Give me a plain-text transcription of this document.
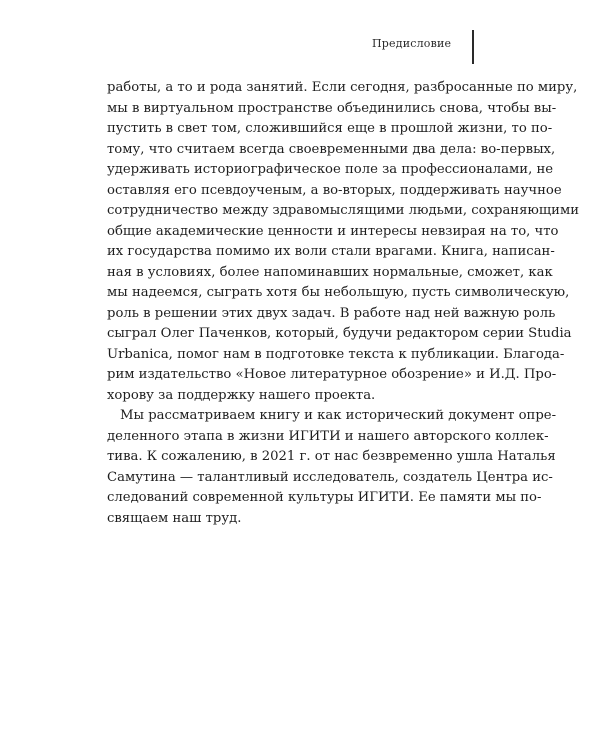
Предисловие
работы, а то и рода занятий. Если сегодня, разбросанные по миру,
мы в виртуальном пространстве объединились снова, чтобы вы-
пустить в свет том, сложившийся еще в прошлой жизни, то по-
тому, что считаем всегда своевременными два дела: во-первых,
удерживать историографическое поле за профессионалами, не
оставляя его псевдоученым, а во-вторых, поддерживать научное
сотрудничество между здравомыслящими людьми, сохраняющими
общие академические ценности и интересы невзирая на то, что
их государства помимо их воли стали врагами. Книга, написан-
ная в условиях, более напоминавших нормальные, сможет, как
мы надеемся, сыграть хотя бы небольшую, пусть символическую,
роль в решении этих двух задач. В работе над ней важную роль
сыграл Олег Паченков, который, будучи редактором серии Studia
Urbanica, помог нам в подготовке текста к публикации. Благода-
рим издательство «Новое литературное обозрение» и И.Д. Про-
хорову за поддержку нашего проекта.
Мы рассматриваем книгу и как исторический документ опре-
деленного этапа в жизни ИГИТИ и нашего авторского коллек-
тива. К сожалению, в 2021 г. от нас безвременно ушла Наталья
Самутина — талантливый исследователь, создатель Центра ис-
следований современной культуры ИГИТИ. Ее памяти мы по-
свящаем наш труд.
